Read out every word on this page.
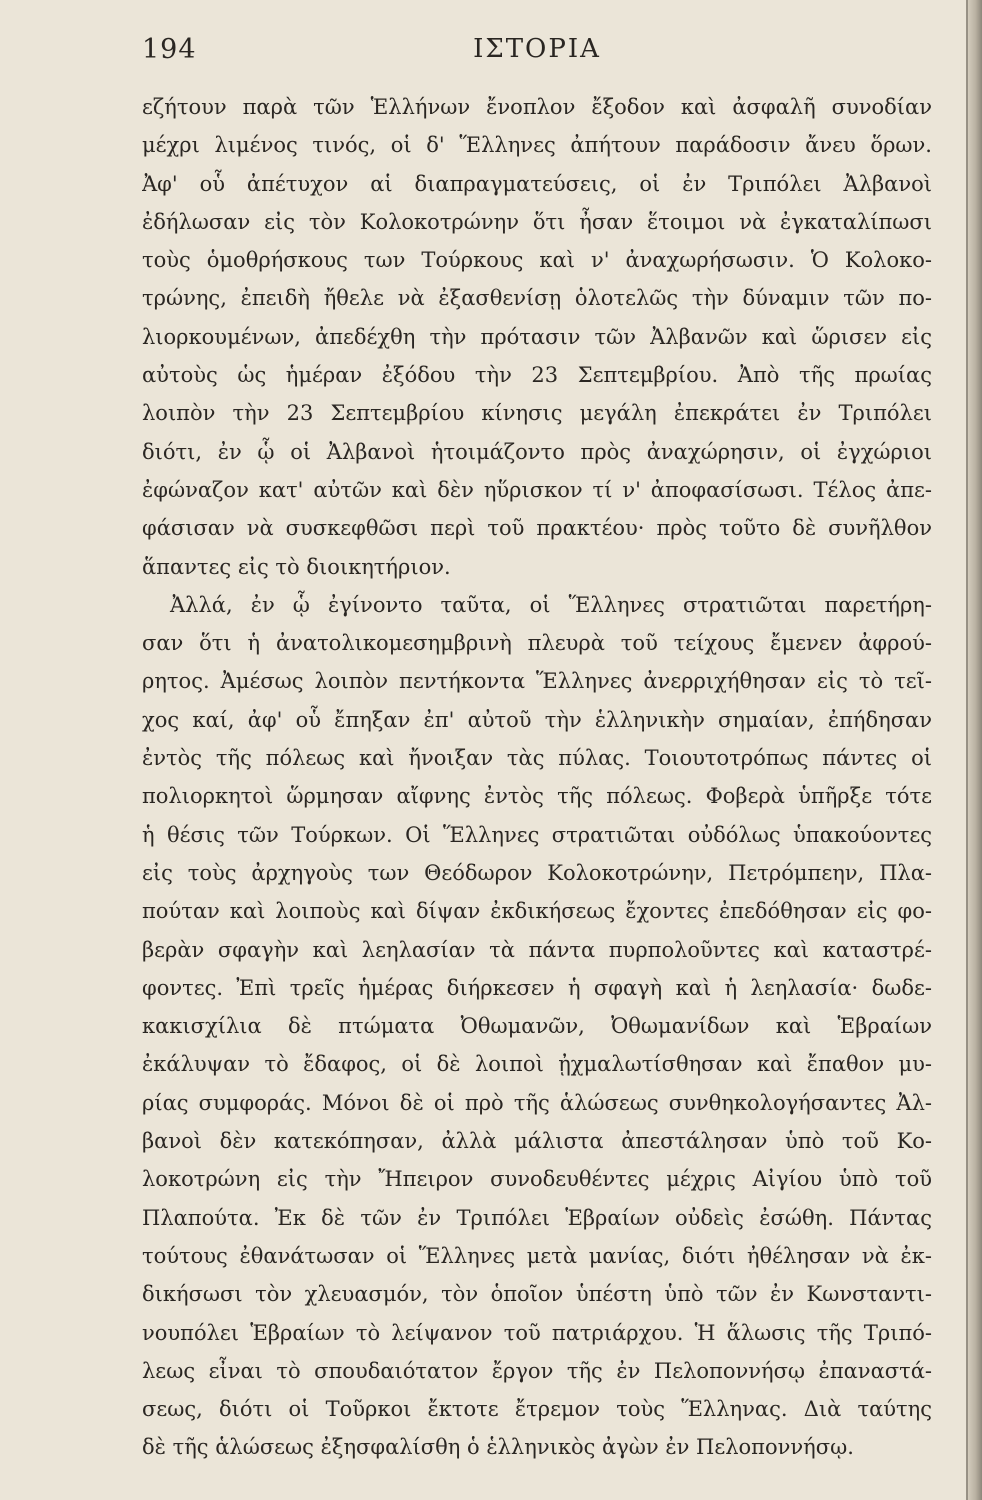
194	ΙΣΤΟΡΙΑ
εζήτουν παρὰ τῶν Ἑλλήνων ἔνοπλον ἔξοδον καὶ ἀσφαλῆ συνοδίαν
μέχρι λιμένος τινός, οἱ δ' Ἕλληνες ἀπήτουν παράδοσιν ἄνευ ὅρων.
Ἀφ' οὗ ἀπέτυχον αἱ διαπραγματεύσεις, οἱ ἐν Τριπόλει Ἀλβανοὶ
ἐδήλωσαν εἰς τὸν Κολοκοτρώνην ὅτι ἦσαν ἕτοιμοι νὰ ἐγκαταλίπωσι
τοὺς ὁμοθρήσκους των Τούρκους καὶ ν' ἀναχωρήσωσιν. Ὁ Κολοκο-
τρώνης, ἐπειδὴ ἤθελε νὰ ἐξασθενίσῃ ὁλοτελῶς τὴν δύναμιν τῶν πο-
λιορκουμένων, ἀπεδέχθη τὴν πρότασιν τῶν Ἀλβανῶν καὶ ὥρισεν εἰς
αὐτοὺς ὡς ἡμέραν ἐξόδου τὴν 23 Σεπτεμβρίου. Ἀπὸ τῆς πρωίας
λοιπὸν τὴν 23 Σεπτεμβρίου κίνησις μεγάλη ἐπεκράτει ἐν Τριπόλει
διότι, ἐν ᾧ οἱ Ἀλβανοὶ ἡτοιμάζοντο πρὸς ἀναχώρησιν, οἱ ἐγχώριοι
ἐφώναζον κατ' αὐτῶν καὶ δὲν ηὕρισκον τί ν' ἀποφασίσωσι. Τέλος ἀπε-
φάσισαν νὰ συσκεφθῶσι περὶ τοῦ πρακτέου· πρὸς τοῦτο δὲ συνῆλθον
ἅπαντες εἰς τὸ διοικητήριον.
Ἀλλά, ἐν ᾧ ἐγίνοντο ταῦτα, οἱ Ἕλληνες στρατιῶται παρετήρη-
σαν ὅτι ἡ ἀνατολικομεσημβρινὴ πλευρὰ τοῦ τείχους ἔμενεν ἀφρού-
ρητος. Ἀμέσως λοιπὸν πεντήκοντα Ἕλληνες ἀνερριχήθησαν εἰς τὸ τεῖ-
χος καί, ἀφ' οὗ ἔπηξαν ἐπ' αὐτοῦ τὴν ἑλληνικὴν σημαίαν, ἐπήδησαν
ἐντὸς τῆς πόλεως καὶ ἤνοιξαν τὰς πύλας. Τοιουτοτρόπως πάντες οἱ
πολιορκητοὶ ὥρμησαν αἴφνης ἐντὸς τῆς πόλεως. Φοβερὰ ὑπῆρξε τότε
ἡ θέσις τῶν Τούρκων. Οἱ Ἕλληνες στρατιῶται οὐδόλως ὑπακούοντες
εἰς τοὺς ἀρχηγοὺς των Θεόδωρον Κολοκοτρώνην, Πετρόμπεην, Πλα-
πούταν καὶ λοιποὺς καὶ δίψαν ἐκδικήσεως ἔχοντες ἐπεδόθησαν εἰς φο-
βερὰν σφαγὴν καὶ λεηλασίαν τὰ πάντα πυρπολοῦντες καὶ καταστρέ-
φοντες. Ἐπὶ τρεῖς ἡμέρας διήρκεσεν ἡ σφαγὴ καὶ ἡ λεηλασία· δωδε-
κακισχίλια δὲ πτώματα Ὀθωμανῶν, Ὀθωμανίδων καὶ Ἑβραίων
ἐκάλυψαν τὸ ἔδαφος, οἱ δὲ λοιποὶ ᾐχμαλωτίσθησαν καὶ ἔπαθον μυ-
ρίας συμφοράς. Μόνοι δὲ οἱ πρὸ τῆς ἁλώσεως συνθηκολογήσαντες Ἀλ-
βανοὶ δὲν κατεκόπησαν, ἀλλὰ μάλιστα ἀπεστάλησαν ὑπὸ τοῦ Κο-
λοκοτρώνη εἰς τὴν Ἤπειρον συνοδευθέντες μέχρις Αἰγίου ὑπὸ τοῦ
Πλαπούτα. Ἐκ δὲ τῶν ἐν Τριπόλει Ἑβραίων οὐδεὶς ἐσώθη. Πάντας
τούτους ἐθανάτωσαν οἱ Ἕλληνες μετὰ μανίας, διότι ἠθέλησαν νὰ ἐκ-
δικήσωσι τὸν χλευασμόν, τὸν ὁποῖον ὑπέστη ὑπὸ τῶν ἐν Κωνσταντι-
νουπόλει Ἑβραίων τὸ λείψανον τοῦ πατριάρχου. Ἡ ἅλωσις τῆς Τριπό-
λεως εἶναι τὸ σπουδαιότατον ἔργον τῆς ἐν Πελοποννήσῳ ἐπαναστά-
σεως, διότι οἱ Τοῦρκοι ἔκτοτε ἔτρεμον τοὺς Ἕλληνας. Διὰ ταύτης
δὲ τῆς ἁλώσεως ἐξησφαλίσθη ὁ ἑλληνικὸς ἀγὼν ἐν Πελοποννήσῳ.
